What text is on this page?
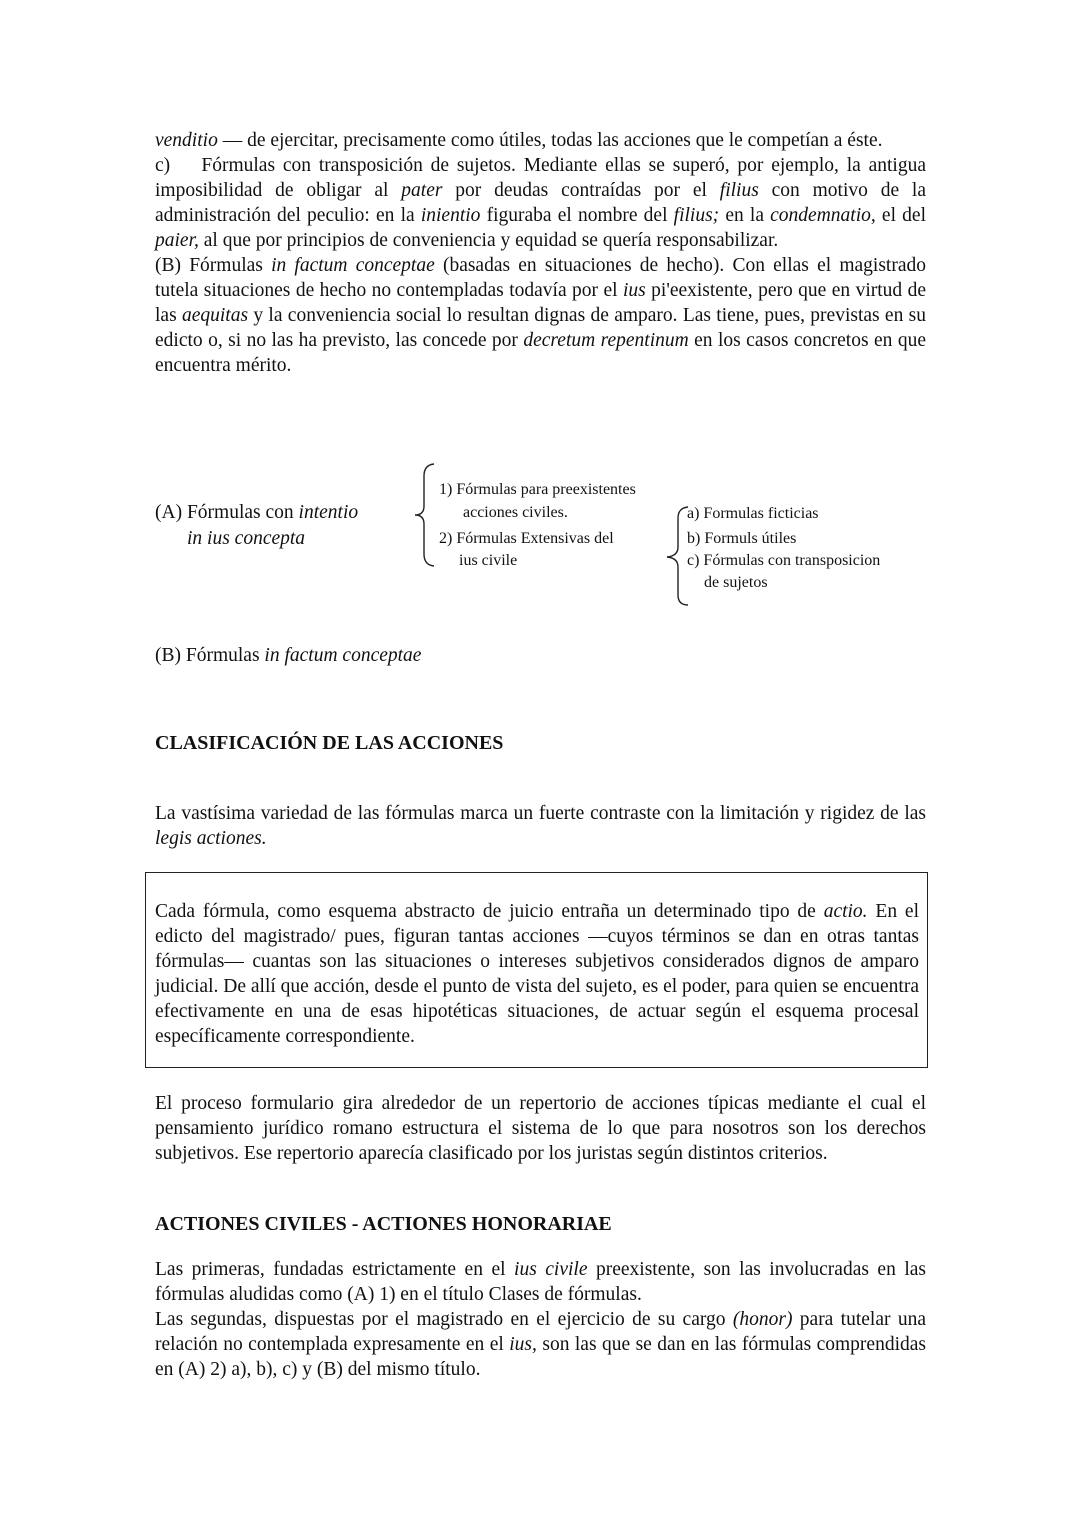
venditio — de ejercitar, precisamente como útiles, todas las acciones que le competían a éste.

c)    Fórmulas con transposición de sujetos. Mediante ellas se superó, por ejemplo, la antigua imposibilidad de obligar al pater por deudas contraídas por el filius con motivo de la administración del peculio: en la inientio figuraba el nombre del filius; en la condemnatio, el del paier, al que por principios de conveniencia y equidad se quería responsabilizar.

(B) Fórmulas in factum conceptae (basadas en situaciones de hecho). Con ellas el magistrado tutela situaciones de hecho no contempladas todavía por el ius pi'eexistente, pero que en virtud de las aequitas y la conveniencia social lo resultan dignas de amparo. Las tiene, pues, previstas en su edicto o, si no las ha previsto, las concede por decretum repentinum en los casos concretos en que encuentra mérito.

(A) Fórmulas con intentio
in ius concepta
1) Fórmulas para preexistentes
acciones civiles.
2) Fórmulas Extensivas del
ius civile
a) Formulas ficticias
b) Formuls útiles
c) Fórmulas con transposicion
de sujetos
(B) Fórmulas in factum conceptae
CLASIFICACIÓN DE LAS ACCIONES

La vastísima variedad de las fórmulas marca un fuerte contraste con la limitación y rigidez de las legis actiones.

Cada fórmula, como esquema abstracto de juicio entraña un determinado tipo de actio. En el edicto del magistrado/ pues, figuran tantas acciones —cuyos términos se dan en otras tantas fórmulas— cuantas son las situaciones o intereses subjetivos considerados dignos de amparo judicial. De allí que acción, desde el punto de vista del sujeto, es el poder, para quien se encuentra efectivamente en una de esas hipotéticas situaciones, de actuar según el esquema procesal específicamente correspondiente.

El proceso formulario gira alrededor de un repertorio de acciones típicas mediante el cual el pensamiento jurídico romano estructura el sistema de lo que para nosotros son los derechos subjetivos. Ese repertorio aparecía clasificado por los juristas según distintos criterios.

ACTIONES CIVILES - ACTIONES HONORARIAE

Las primeras, fundadas estrictamente en el ius civile preexistente, son las involucradas en las fórmulas aludidas como (A) 1) en el título Clases de fórmulas.

Las segundas, dispuestas por el magistrado en el ejercicio de su cargo (honor) para tutelar una relación no contemplada expresamente en el ius, son las que se dan en las fórmulas comprendidas en (A) 2) a), b), c) y (B) del mismo título.
